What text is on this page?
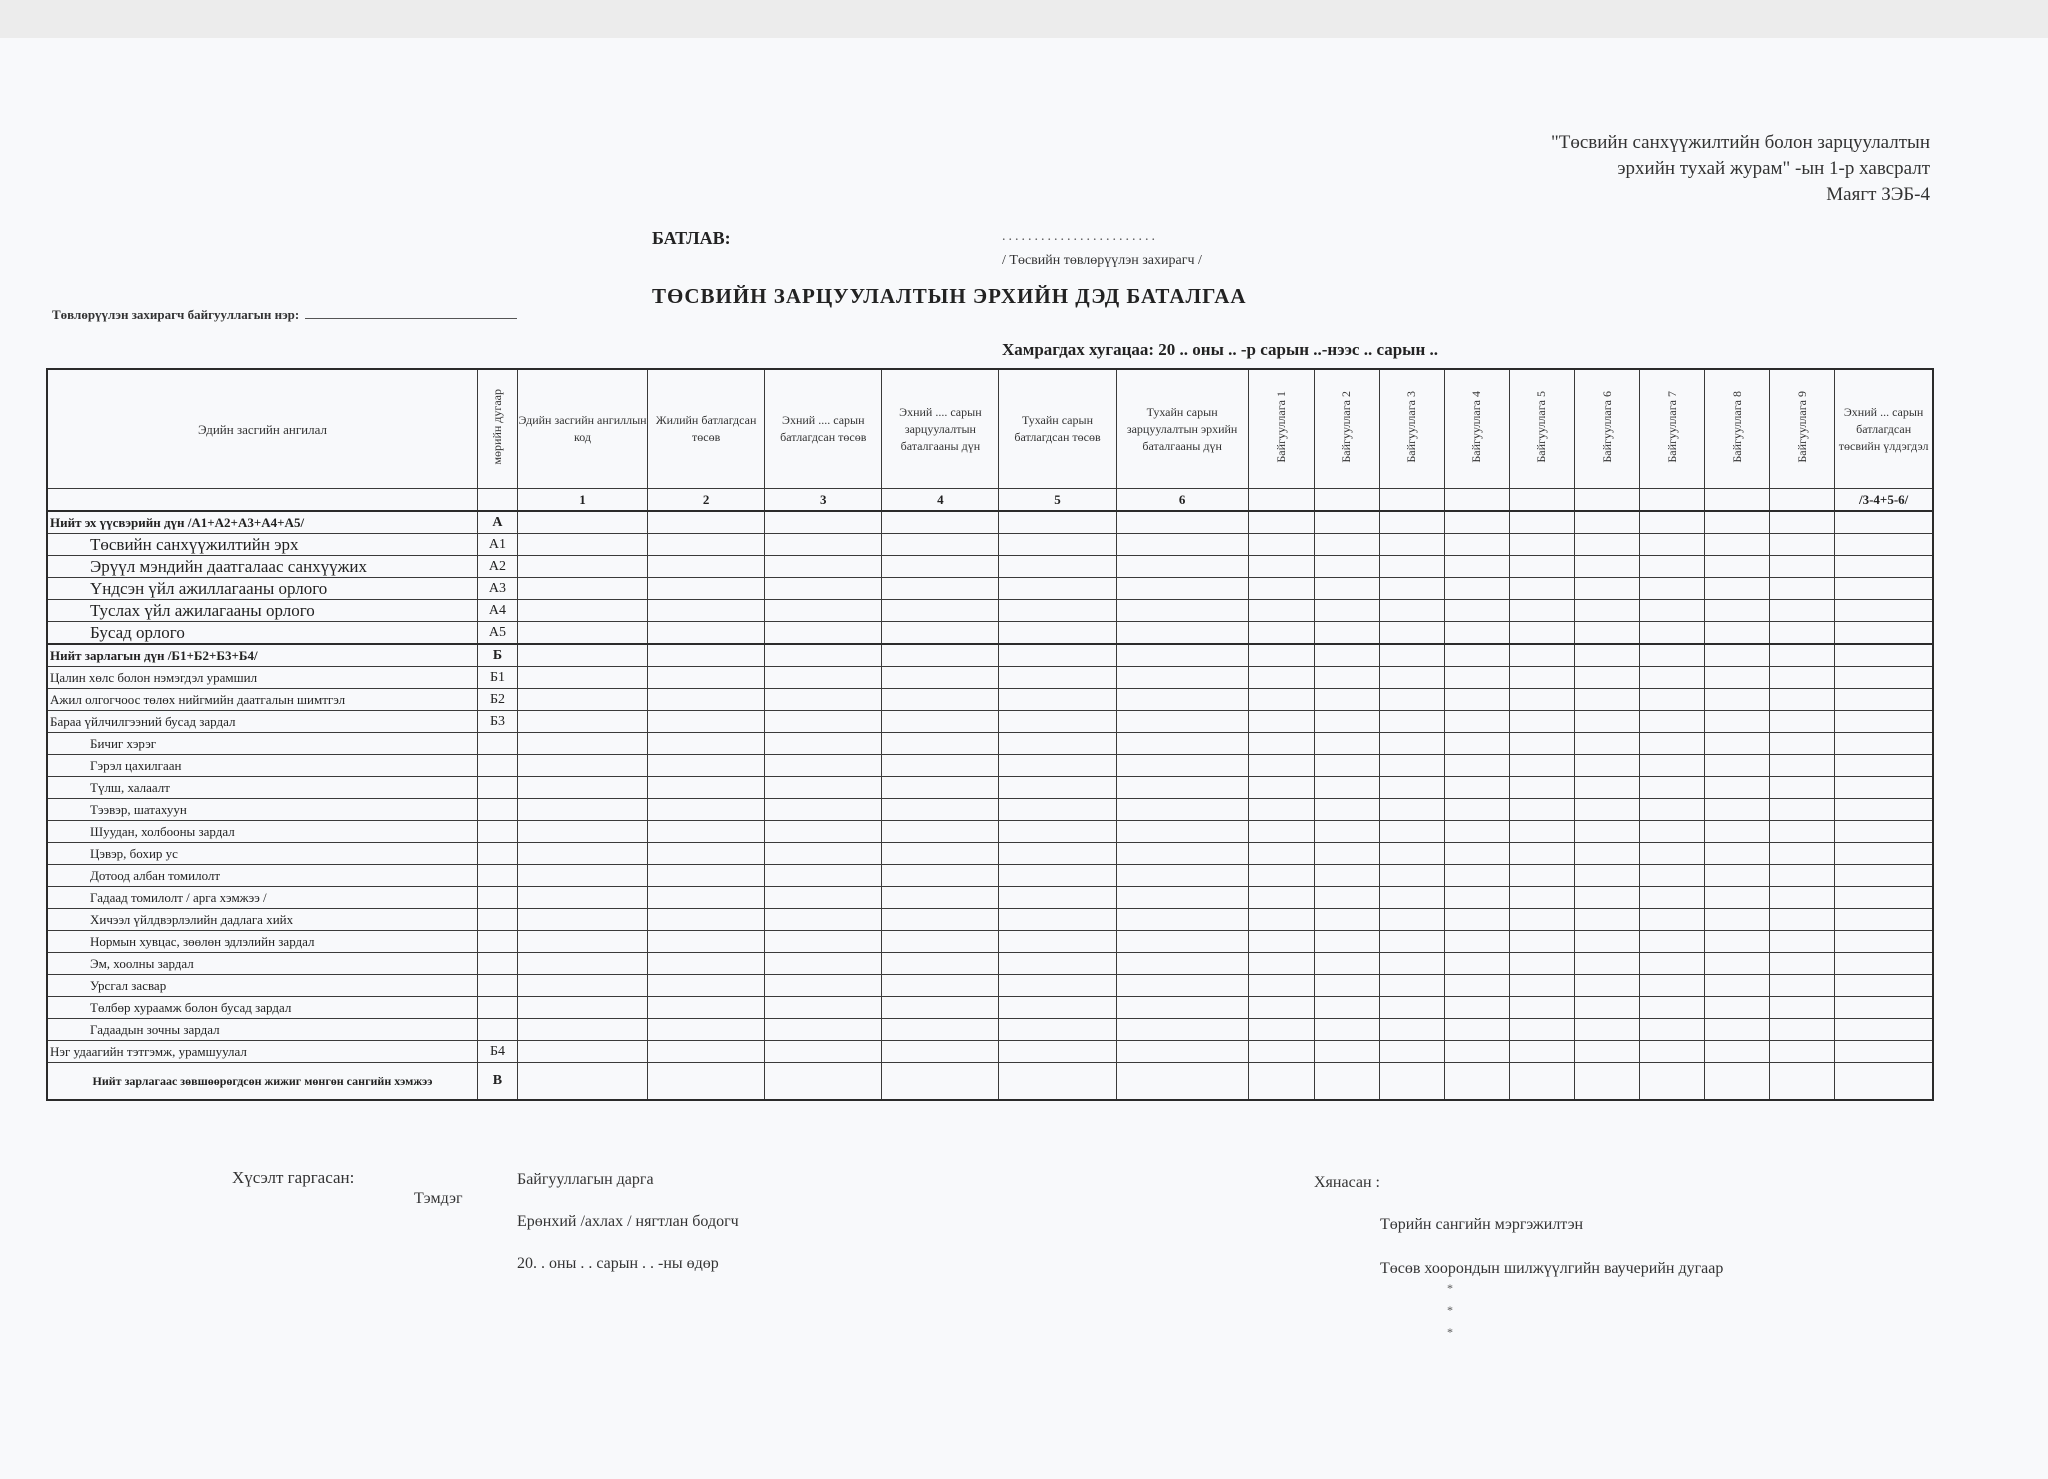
"Төсвийн санхүүжилтийн болон зарцуулалтын
эрхийн тухай журам" -ын 1-р хавсралт
Маягт ЗЭБ-4
БАТЛАВ:	........................
/ Төсвийн төвлөрүүлэн захирагч /
ТӨСВИЙН ЗАРЦУУЛАЛТЫН ЭРХИЙН ДЭД БАТАЛГАА
Төвлөрүүлэн захирагч байгууллагын нэр:
Хамрагдах хугацаа: 20 .. оны .. -р сарын ..-нээс .. сарын ..
Эдийн засгийн ангилал	мөрийн дугаар	Эдийн засгийн ангиллын код	Жилийн батлагдсан төсөв	Эхний .... сарын батлагдсан төсөв	Эхний .... сарын зарцуулалтын баталгааны дүн	Тухайн сарын батлагдсан төсөв	Тухайн сарын зарцуулалтын эрхийн баталгааны дүн	Байгууллага 1	Байгууллага 2	Байгууллага 3	Байгууллага 4	Байгууллага 5	Байгууллага 6	Байгууллага 7	Байгууллага 8	Байгууллага 9	Эхний ... сарын батлагдсан төсвийн үлдэгдэл
		1	2	3	4	5	6										/3-4+5-6/
Нийт эх үүсвэрийн дүн /А1+А2+А3+А4+А5/	А																
Төсвийн санхүүжилтийн эрх	А1																
Эрүүл мэндийн даатгалаас санхүүжих	А2																
Үндсэн үйл ажиллагааны орлого	А3																
Туслах үйл ажилагааны орлого	А4																
Бусад орлого	А5																
Нийт зарлагын дүн /Б1+Б2+Б3+Б4/	Б																
Цалин хөлс болон нэмэгдэл урамшил	Б1																
Ажил олгогчоос төлөх нийгмийн даатгалын шимтгэл	Б2																
Бараа үйлчилгээний бусад зардал	Б3																
Бичиг хэрэг																	
Гэрэл цахилгаан																	
Түлш, халаалт																	
Тээвэр, шатахуун																	
Шуудан, холбооны зардал																	
Цэвэр, бохир ус																	
Дотоод албан томилолт																	
Гадаад томилолт / арга хэмжээ /																	
Хичээл үйлдвэрлэлийн дадлага хийх																	
Нормын хувцас, зөөлөн эдлэлийн зардал																	
Эм, хоолны зардал																	
Урсгал засвар																	
Төлбөр хураамж болон бусад зардал																	
Гадаадын зочны зардал																	
Нэг удаагийн тэтгэмж, урамшуулал	Б4																
Нийт зарлагаас зөвшөөрөгдсөн жижиг мөнгөн сангийн хэмжээ	В																
Хүсэлт гаргасан:
Тэмдэг
Байгууллагын дарга
Ерөнхий /ахлах / нягтлан бодогч
20. . оны . . сарын . . -ны өдөр
Хянасан :
Төрийн сангийн мэргэжилтэн
Төсөв хоорондын шилжүүлгийн ваучерийн дугаар
*
*
*
